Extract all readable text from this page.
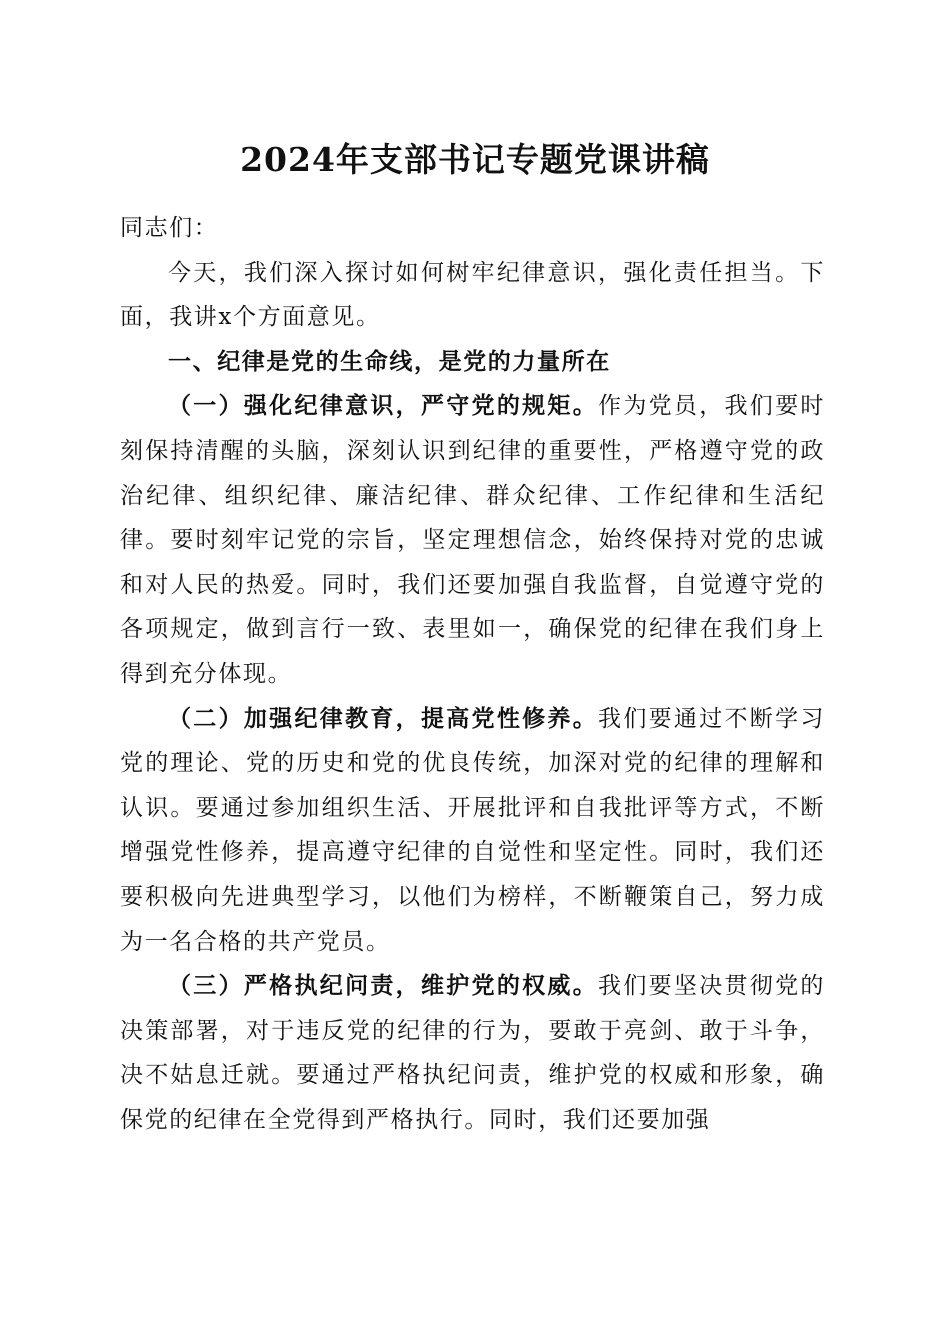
2024年支部书记专题党课讲稿

同志们：

今天，我们深入探讨如何树牢纪律意识，强化责任担当。下面，我讲x个方面意见。

一、纪律是党的生命线，是党的力量所在

（一）强化纪律意识，严守党的规矩。作为党员，我们要时刻保持清醒的头脑，深刻认识到纪律的重要性，严格遵守党的政治纪律、组织纪律、廉洁纪律、群众纪律、工作纪律和生活纪律。要时刻牢记党的宗旨，坚定理想信念，始终保持对党的忠诚和对人民的热爱。同时，我们还要加强自我监督，自觉遵守党的各项规定，做到言行一致、表里如一，确保党的纪律在我们身上得到充分体现。

（二）加强纪律教育，提高党性修养。我们要通过不断学习党的理论、党的历史和党的优良传统，加深对党的纪律的理解和认识。要通过参加组织生活、开展批评和自我批评等方式，不断增强党性修养，提高遵守纪律的自觉性和坚定性。同时，我们还要积极向先进典型学习，以他们为榜样，不断鞭策自己，努力成为一名合格的共产党员。

（三）严格执纪问责，维护党的权威。我们要坚决贯彻党的决策部署，对于违反党的纪律的行为，要敢于亮剑、敢于斗争，决不姑息迁就。要通过严格执纪问责，维护党的权威和形象，确保党的纪律在全党得到严格执行。同时，我们还要加强
